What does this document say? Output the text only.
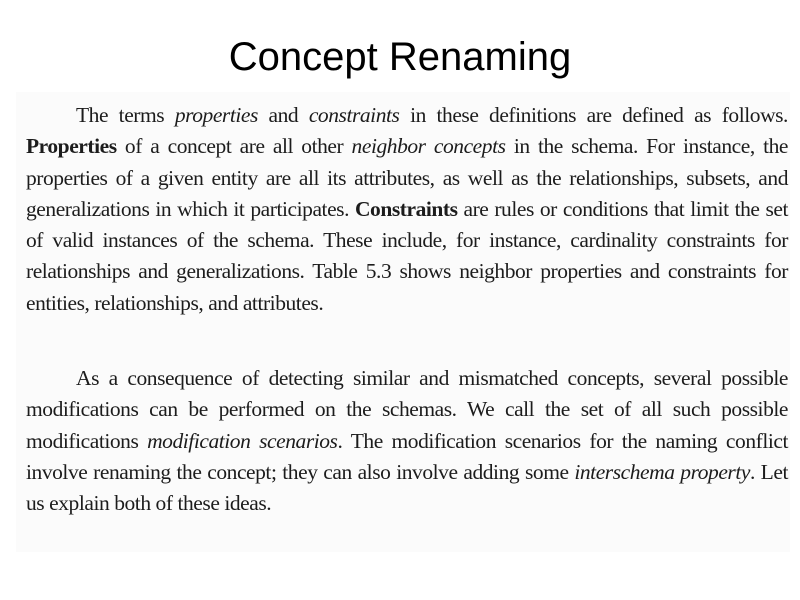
Concept Renaming

The terms properties and constraints in these definitions are defined as follows. Properties of a concept are all other neighbor concepts in the schema. For instance, the properties of a given entity are all its attributes, as well as the relationships, subsets, and generalizations in which it participates. Constraints are rules or conditions that limit the set of valid instances of the schema. These include, for instance, cardinality constraints for relationships and generalizations. Table 5.3 shows neighbor properties and constraints for entities, relationships, and attributes.

As a consequence of detecting similar and mismatched concepts, several possible modifications can be performed on the schemas. We call the set of all such possible modifications modification scenarios. The modification scenarios for the naming conflict involve renaming the concept; they can also involve adding some interschema property. Let us explain both of these ideas.
